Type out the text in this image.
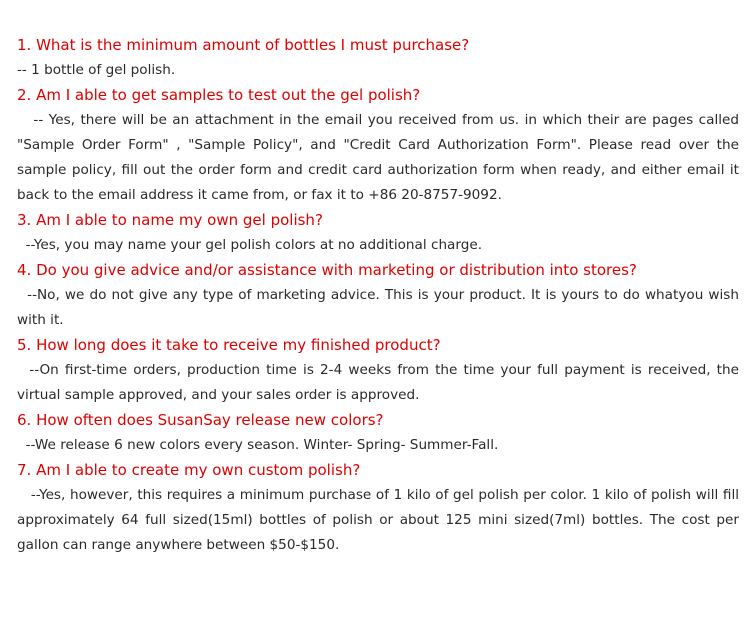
1. What is the minimum amount of bottles I must purchase?

-- 1 bottle of gel polish.

2. Am I able to get samples to test out the gel polish?

-- Yes, there will be an attachment in the email you received from us. in which their are pages called "Sample Order Form" , "Sample Policy", and "Credit Card Authorization Form". Please read over the sample policy, fill out the order form and credit card authorization form when ready, and either email it back to the email address it came from, or fax it to +86 20-8757-9092.

3. Am I able to name my own gel polish?

--Yes, you may name your gel polish colors at no additional charge.

4. Do you give advice and/or assistance with marketing or distribution into stores?

--No, we do not give any type of marketing advice. This is your product. It is yours to do whatyou wish with it.

5. How long does it take to receive my finished product?

--On first-time orders, production time is 2-4 weeks from the time your full payment is received, the virtual sample approved, and your sales order is approved.

6. How often does SusanSay release new colors?

--We release 6 new colors every season. Winter- Spring- Summer-Fall.

7. Am I able to create my own custom polish?

--Yes, however, this requires a minimum purchase of 1 kilo of gel polish per color. 1 kilo of polish will fill approximately 64 full sized(15ml) bottles of polish or about 125 mini sized(7ml) bottles. The cost per gallon can range anywhere between $50-$150.
